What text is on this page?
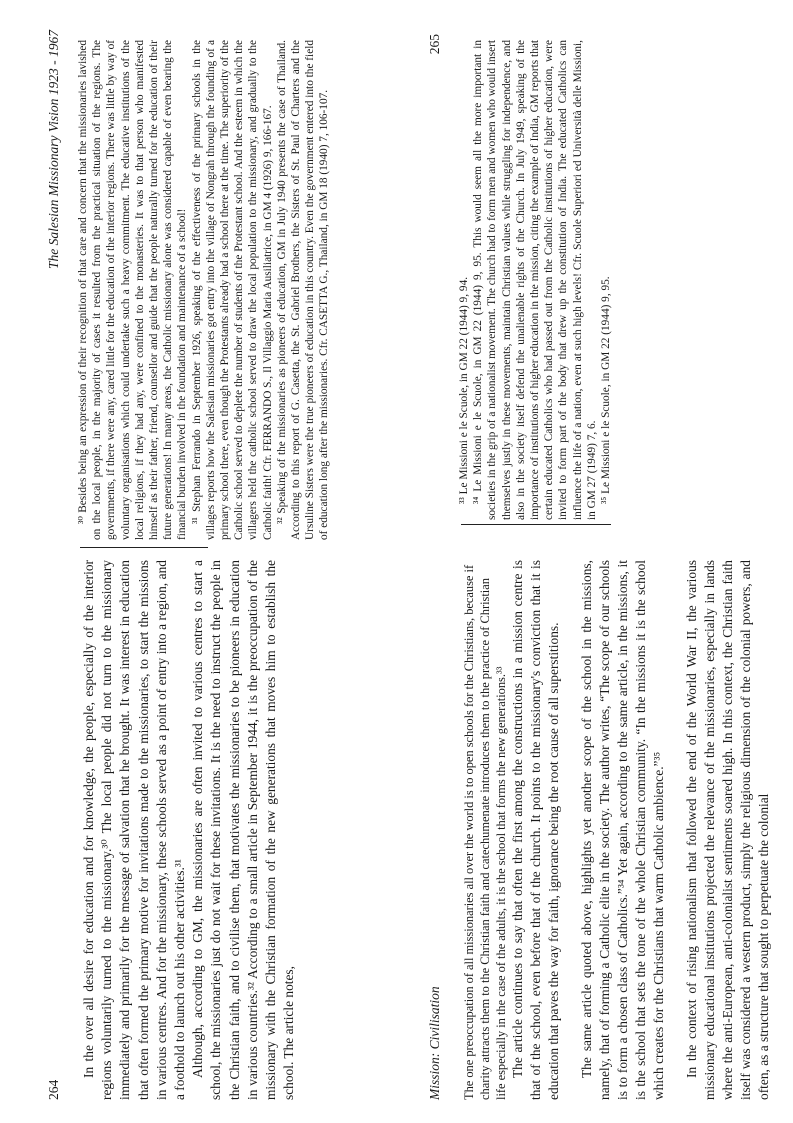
264
The Salesian Missionary Vision 1923 - 1967

In the over all desire for education and for knowledge, the people, especially of the interior regions voluntarily turned to the missionary.³⁰ The local people did not turn to the missionary immediately and primarily for the message of salvation that he brought. It was interest in education that often formed the primary motive for invitations made to the missionaries, to start the missions in various centres. And for the missionary, these schools served as a point of entry into a region, and a foothold to launch out his other activities.³¹ Although, according to GM, the missionaries are often invited to various centres to start a school, the missionaries just do not wait for these invitations. It is the need to instruct the people in the Christian faith, and to civilise them, that motivates the missionaries to be pioneers in education in various countries.³² According to a small article in September 1944, it is the preoccupation of the missionary with the Christian formation of the new generations that moves him to establish the school. The article notes,

³⁰ Besides being an expression of their recognition of that care and concern that the missionaries lavished on the local people, in the majority of cases it resulted from the practical situation of the regions. The governments, if there were any, cared little for the education of the interior regions. There was little by way of voluntary organisations which could undertake such a heavy commitment. The educative institutions of the local religions, if they had any, were confined to the monasteries. It was to that person who manifested himself as their father, friend, counsellor and guide that the people naturally turned for the education of their future generations! In many areas, the Catholic missionary alone was considered capable of even bearing the financial burden involved in the foundation and maintenance of a school! ³¹ Stephan Ferrando in September 1926, speaking of the effectiveness of the primary schools in the villages reports how the Salesian missionaries got entry into the village of Nongrah through the founding of a primary school there, even though the Protestants already had a school there at the time. The superiority of the Catholic school served to deplete the number of students of the Protestant school. And the esteem in which the villagers held the catholic school served to draw the local population to the missionary, and gradually to the Catholic faith! Cfr. FERRANDO S., Il Villaggio Maria Ausiliatrice, in GM 4 (1926) 9, 166-167. ³² Speaking of the missionaries as pioneers of education, GM in July 1940 presents the case of Thailand. According to this report of G. Casetta, the St. Gabriel Brothers, the Sisters of St. Paul of Charters and the Ursuline Sisters were the true pioneers of education in this country. Even the government entered into the field of education long after the missionaries. Cfr. CASETTA G., Thailand, in GM 18 (1940) 7, 106-107.

Mission: Civilisation
265

The one preoccupation of all missionaries all over the world is to open schools for the Christians, because if charity attracts them to the Christian faith and catechumenate introduces them to the practice of Christian life especially in the case of the adults, it is the school that forms the new generations.³³ The article continues to say that often the first among the constructions in a mission centre is that of the school, even before that of the church. It points to the missionary's conviction that it is education that paves the way for faith, ignorance being the root cause of all superstitions. The same article quoted above, highlights yet another scope of the school in the missions, namely, that of forming a Catholic elite in the society. The author writes, “The scope of our schools is to form a chosen class of Catholics.”³⁴ Yet again, according to the same article, in the missions, it is the school that sets the tone of the whole Christian community. “In the missions it is the school which creates for the Christians that warm Catholic ambience.”³⁵ In the context of rising nationalism that followed the end of the World War II, the various missionary educational institutions projected the relevance of the missionaries, especially in lands where the anti-European, anti-colonialist sentiments soared high. In this context, the Christian faith itself was considered a western product, simply the religious dimension of the colonial powers, and often, as a structure that sought to perpetuate the colonial

³³ Le Missioni e le Scuole, in GM 22 (1944) 9, 94. ³⁴ Le Missioni e le Scuole, in GM 22 (1944) 9, 95. This would seem all the more important in societies in the grip of a nationalist movement. The church had to form men and women who would insert themselves justly in these movements, maintain Christian values while struggling for independence, and also in the society itself defend the unalienable rights of the Church. In July 1949, speaking of the importance of institutions of higher education in the mission, citing the example of India, GM reports that certain educated Catholics who had passed out from the Catholic institutions of higher education, were invited to form part of the body that drew up the constitution of India. The educated Catholics can influence the life of a nation, even at such high levels! Cfr. Scuole Superiori ed Università delle Missioni, in GM 27 (1949) 7, 6. ³⁵ Le Missioni e le Scuole, in GM 22 (1944) 9, 95.
